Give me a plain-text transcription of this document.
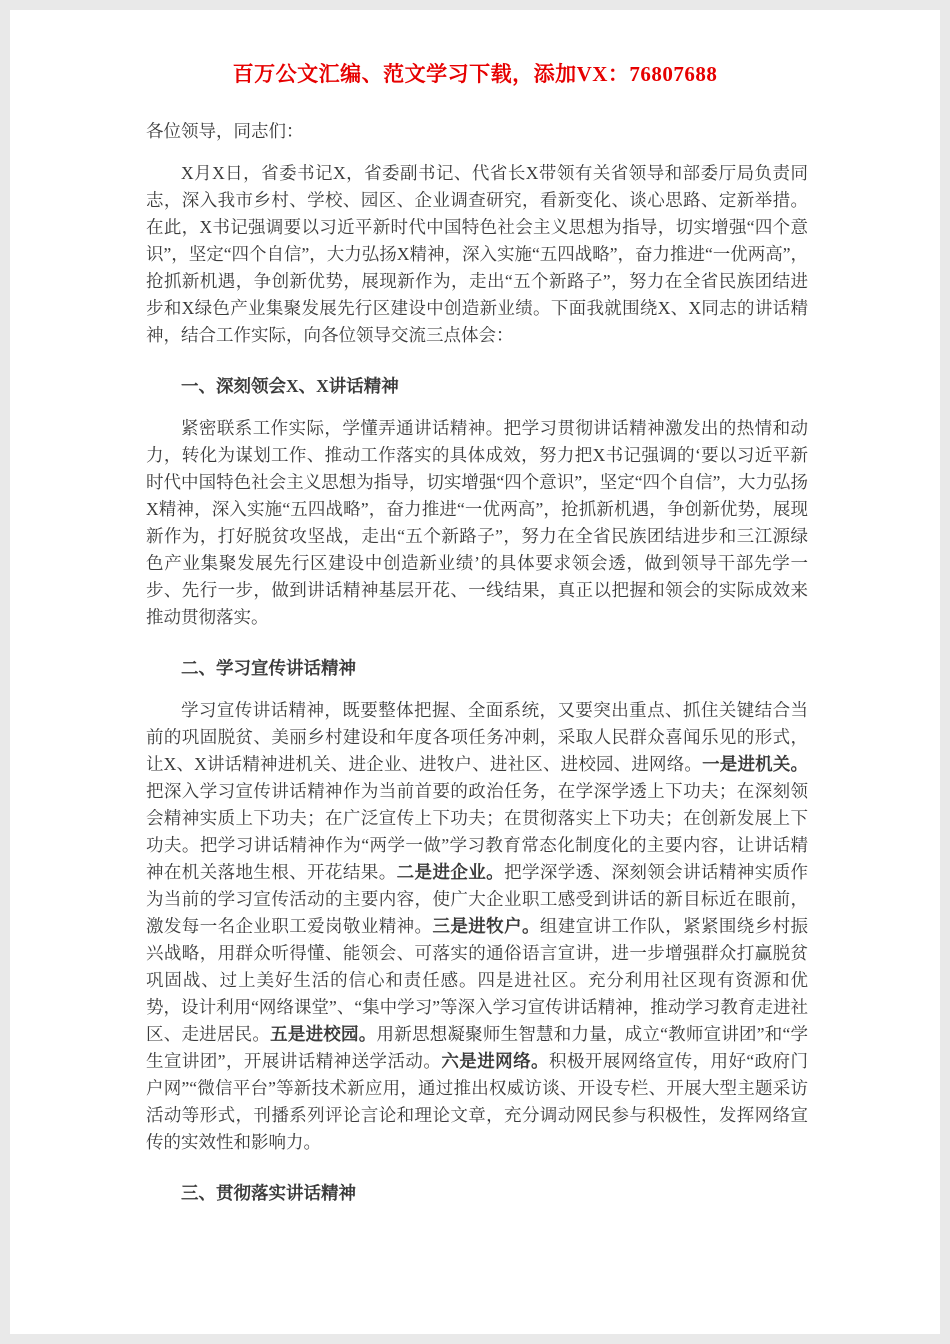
百万公文汇编、范文学习下载，添加VX：76807688

各位领导，同志们：

X月X日，省委书记X，省委副书记、代省长X带领有关省领导和部委厅局负责同志，深入我市乡村、学校、园区、企业调查研究，看新变化、谈心思路、定新举措。在此，X书记强调要以习近平新时代中国特色社会主义思想为指导，切实增强“四个意识”，坚定“四个自信”，大力弘扬X精神，深入实施“五四战略”，奋力推进“一优两高”，抢抓新机遇，争创新优势，展现新作为，走出“五个新路子”，努力在全省民族团结进步和X绿色产业集聚发展先行区建设中创造新业绩。下面我就围绕X、X同志的讲话精神，结合工作实际，向各位领导交流三点体会：

一、深刻领会X、X讲话精神

紧密联系工作实际，学懂弄通讲话精神。把学习贯彻讲话精神激发出的热情和动力，转化为谋划工作、推动工作落实的具体成效，努力把X书记强调的‘要以习近平新时代中国特色社会主义思想为指导，切实增强“四个意识”，坚定“四个自信”，大力弘扬X精神，深入实施“五四战略”，奋力推进“一优两高”，抢抓新机遇，争创新优势，展现新作为，打好脱贫攻坚战，走出“五个新路子”，努力在全省民族团结进步和三江源绿色产业集聚发展先行区建设中创造新业绩’的具体要求领会透，做到领导干部先学一步、先行一步，做到讲话精神基层开花、一线结果，真正以把握和领会的实际成效来推动贯彻落实。

二、学习宣传讲话精神

学习宣传讲话精神，既要整体把握、全面系统，又要突出重点、抓住关键结合当前的巩固脱贫、美丽乡村建设和年度各项任务冲刺，采取人民群众喜闻乐见的形式，让X、X讲话精神进机关、进企业、进牧户、进社区、进校园、进网络。一是进机关。把深入学习宣传讲话精神作为当前首要的政治任务，在学深学透上下功夫；在深刻领会精神实质上下功夫；在广泛宣传上下功夫；在贯彻落实上下功夫；在创新发展上下功夫。把学习讲话精神作为“两学一做”学习教育常态化制度化的主要内容，让讲话精神在机关落地生根、开花结果。二是进企业。把学深学透、深刻领会讲话精神实质作为当前的学习宣传活动的主要内容，使广大企业职工感受到讲话的新目标近在眼前，激发每一名企业职工爱岗敬业精神。三是进牧户。组建宣讲工作队，紧紧围绕乡村振兴战略，用群众听得懂、能领会、可落实的通俗语言宣讲，进一步增强群众打赢脱贫巩固战、过上美好生活的信心和责任感。四是进社区。充分利用社区现有资源和优势，设计利用“网络课堂”、“集中学习”等深入学习宣传讲话精神，推动学习教育走进社区、走进居民。五是进校园。用新思想凝聚师生智慧和力量，成立“教师宣讲团”和“学生宣讲团”，开展讲话精神送学活动。六是进网络。积极开展网络宣传，用好“政府门户网”“微信平台”等新技术新应用，通过推出权威访谈、开设专栏、开展大型主题采访活动等形式，刊播系列评论言论和理论文章，充分调动网民参与积极性，发挥网络宣传的实效性和影响力。

三、贯彻落实讲话精神
